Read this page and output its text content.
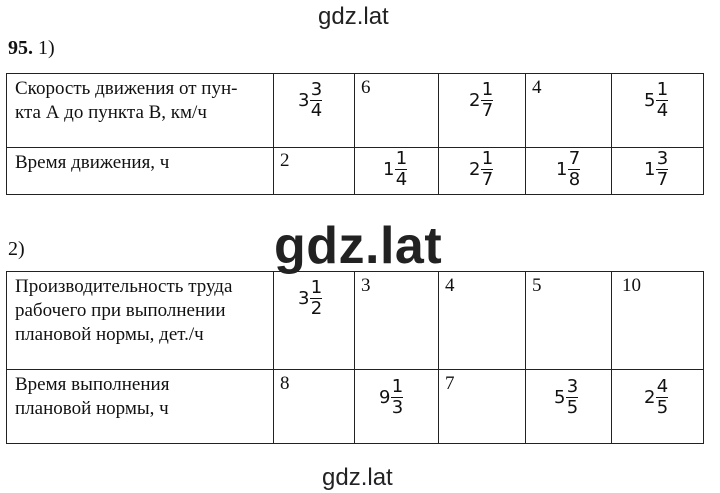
gdz.lat
95. 1)
gdz.lat
2)
gdz.lat
Скорость движения от пун-
кта А до пункта В, км/ч	$3 \frac{3}{4}$	6	$2 \frac{1}{7}$	4	$5 \frac{1}{4}$

Время движения, ч	2	$1 \frac{1}{4}$	$2 \frac{1}{7}$	$1 \frac{7}{8}$	$1 \frac{3}{7}$
Производительность труда
рабочего при выполнении
плановой нормы, дет./ч	$3 \frac{1}{2}$	3	4	5	10

Время выполнения
плановой нормы, ч	8	$9 \frac{1}{3}$	7	$5 \frac{3}{5}$	$2 \frac{4}{5}$
